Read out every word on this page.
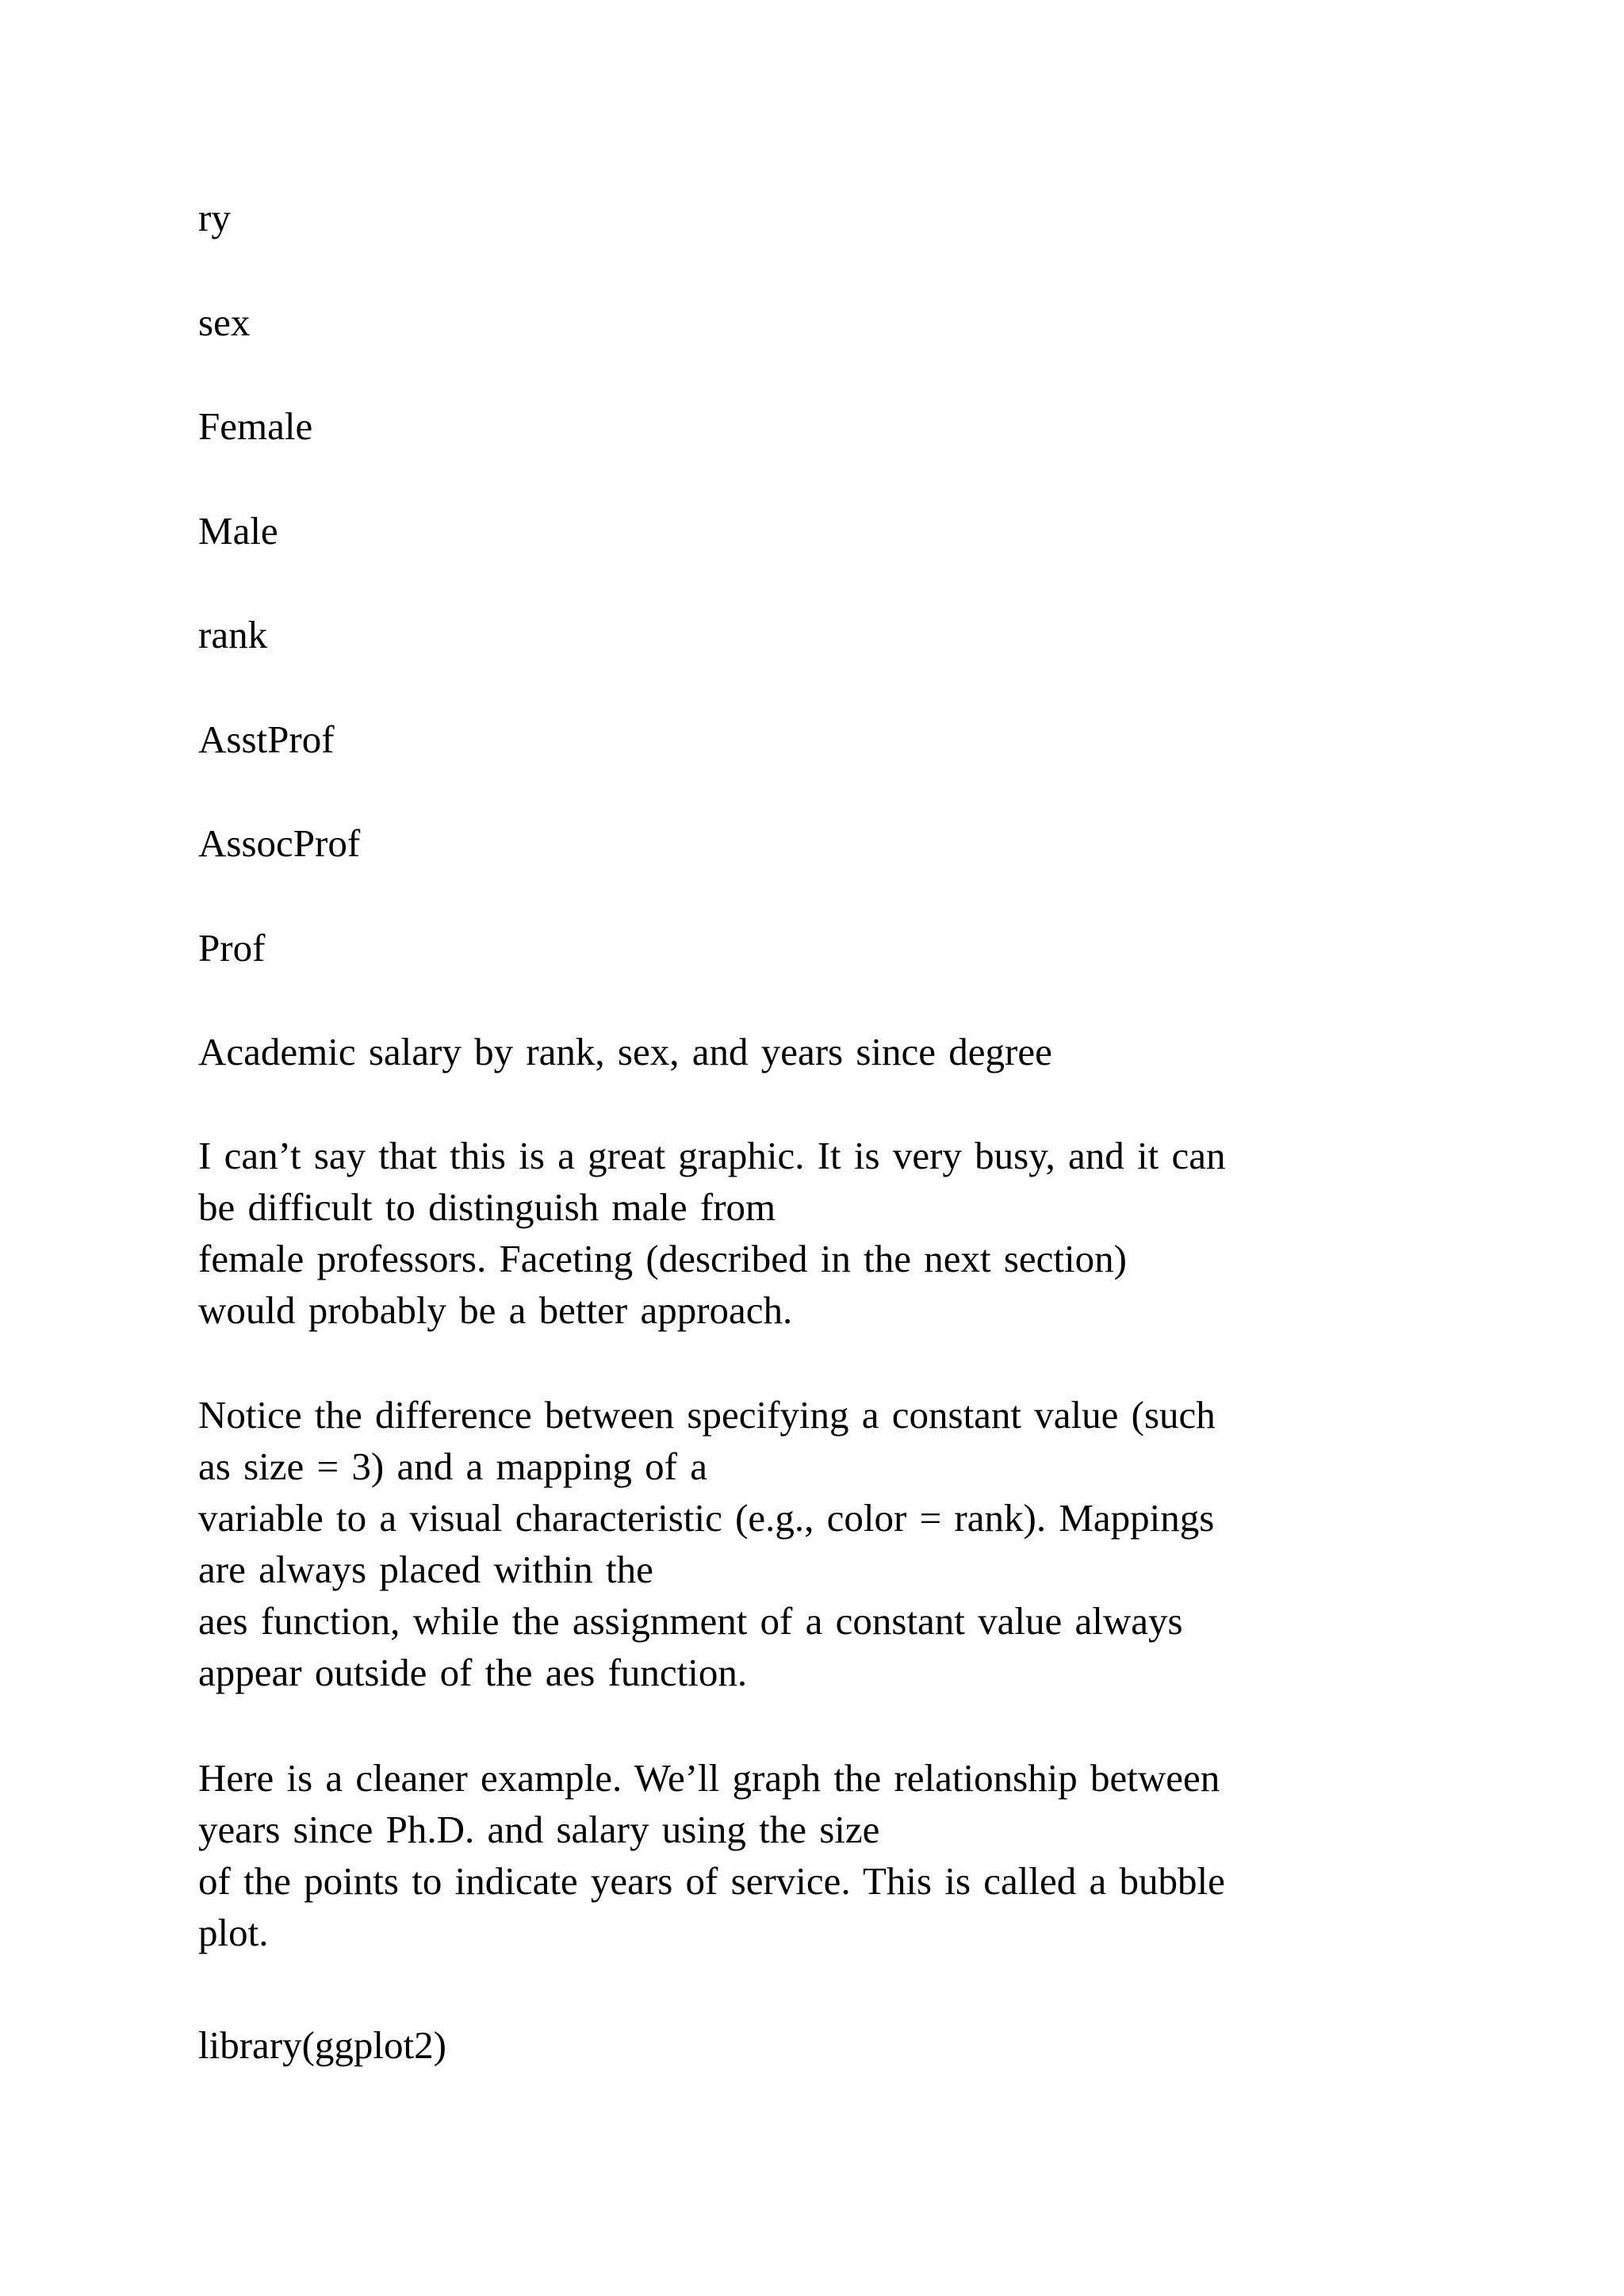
ry

sex

Female

Male

rank

AsstProf

AssocProf

Prof

Academic salary by rank, sex, and years since degree

I can’t say that this is a great graphic. It is very busy, and it can
be difficult to distinguish male from
female professors. Faceting (described in the next section)
would probably be a better approach.
Notice the difference between specifying a constant value (such
as size = 3) and a mapping of a
variable to a visual characteristic (e.g., color = rank). Mappings
are always placed within the
aes function, while the assignment of a constant value always
appear outside of the aes function.
Here is a cleaner example. We’ll graph the relationship between
years since Ph.D. and salary using the size
of the points to indicate years of service. This is called a bubble
plot.

library(ggplot2)
